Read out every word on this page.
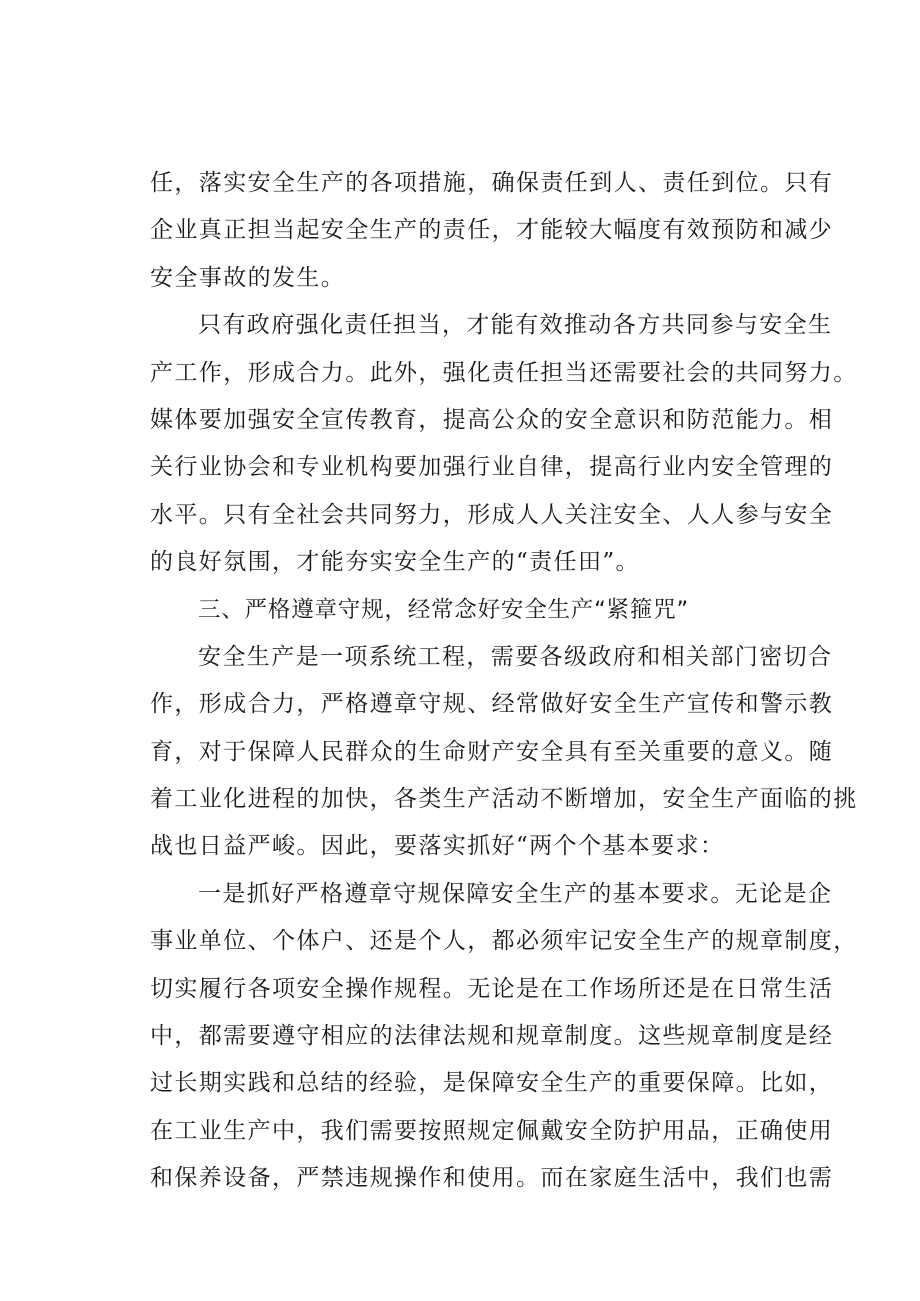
任，落实安全生产的各项措施，确保责任到人、责任到位。只有
企业真正担当起安全生产的责任，才能较大幅度有效预防和减少
安全事故的发生。
只有政府强化责任担当，才能有效推动各方共同参与安全生
产工作，形成合力。此外，强化责任担当还需要社会的共同努力。
媒体要加强安全宣传教育，提高公众的安全意识和防范能力。相
关行业协会和专业机构要加强行业自律，提高行业内安全管理的
水平。只有全社会共同努力，形成人人关注安全、人人参与安全
的良好氛围，才能夯实安全生产的“责任田”。
三、严格遵章守规，经常念好安全生产“紧箍咒”
安全生产是一项系统工程，需要各级政府和相关部门密切合
作，形成合力，严格遵章守规、经常做好安全生产宣传和警示教
育，对于保障人民群众的生命财产安全具有至关重要的意义。随
着工业化进程的加快，各类生产活动不断增加，安全生产面临的挑
战也日益严峻。因此，要落实抓好“两个个基本要求：
一是抓好严格遵章守规保障安全生产的基本要求。无论是企
事业单位、个体户、还是个人，都必须牢记安全生产的规章制度，
切实履行各项安全操作规程。无论是在工作场所还是在日常生活
中，都需要遵守相应的法律法规和规章制度。这些规章制度是经
过长期实践和总结的经验，是保障安全生产的重要保障。比如，
在工业生产中，我们需要按照规定佩戴安全防护用品，正确使用
和保养设备，严禁违规操作和使用。而在家庭生活中，我们也需
